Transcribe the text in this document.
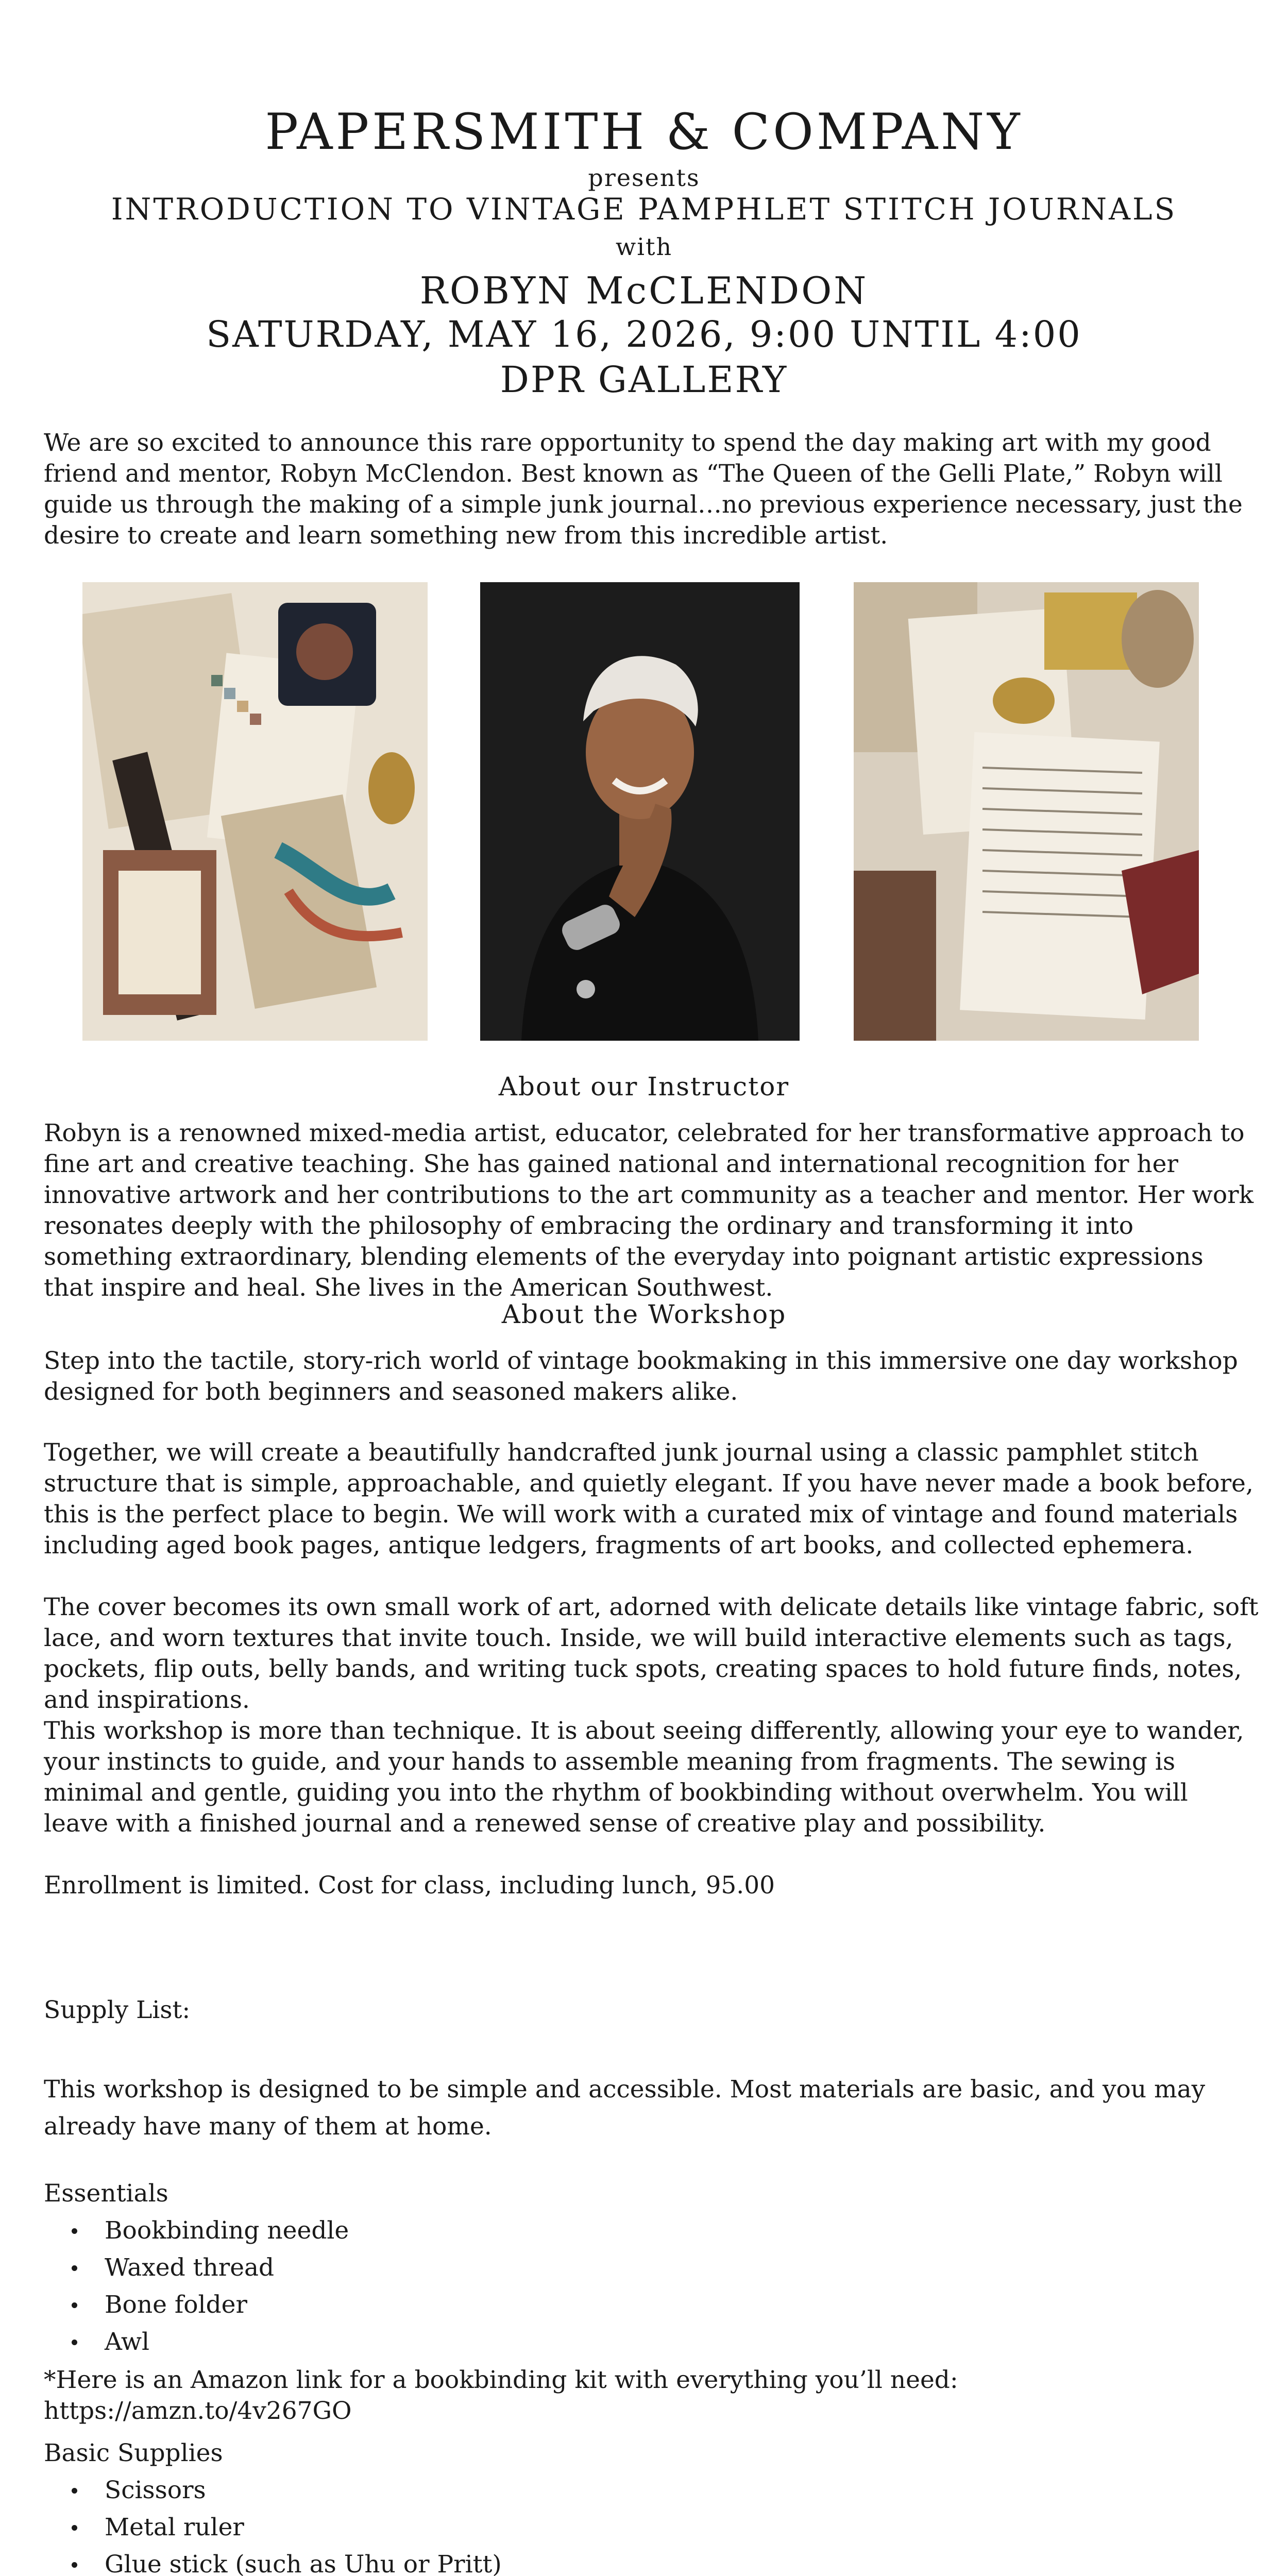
PAPERSMITH & COMPANY
presents
INTRODUCTION TO VINTAGE PAMPHLET STITCH JOURNALS
with
ROBYN McCLENDON
SATURDAY, MAY 16, 2026, 9:00 UNTIL 4:00
DPR GALLERY

We are so excited to announce this rare opportunity to spend the day making art with my good friend and mentor, Robyn McClendon. Best known as “The Queen of the Gelli Plate,” Robyn will guide us through the making of a simple junk journal…no previous experience necessary, just the desire to create and learn something new from this incredible artist.

About our Instructor

Robyn is a renowned mixed-media artist, educator, celebrated for her transformative approach to fine art and creative teaching. She has gained national and international recognition for her innovative artwork and her contributions to the art community as a teacher and mentor. Her work resonates deeply with the philosophy of embracing the ordinary and transforming it into something extraordinary, blending elements of the everyday into poignant artistic expressions that inspire and heal. She lives in the American Southwest.

About the Workshop

Step into the tactile, story-rich world of vintage bookmaking in this immersive one day workshop designed for both beginners and seasoned makers alike.

Together, we will create a beautifully handcrafted junk journal using a classic pamphlet stitch structure that is simple, approachable, and quietly elegant. If you have never made a book before, this is the perfect place to begin. We will work with a curated mix of vintage and found materials including aged book pages, antique ledgers, fragments of art books, and collected ephemera.

The cover becomes its own small work of art, adorned with delicate details like vintage fabric, soft lace, and worn textures that invite touch. Inside, we will build interactive elements such as tags, pockets, flip outs, belly bands, and writing tuck spots, creating spaces to hold future finds, notes, and inspirations.

This workshop is more than technique. It is about seeing differently, allowing your eye to wander, your instincts to guide, and your hands to assemble meaning from fragments. The sewing is minimal and gentle, guiding you into the rhythm of bookbinding without overwhelm. You will leave with a finished journal and a renewed sense of creative play and possibility.

Enrollment is limited. Cost for class, including lunch, 95.00

Supply List:

This workshop is designed to be simple and accessible. Most materials are basic, and you may already have many of them at home.

Essentials
Bookbinding needle
Waxed thread
Bone folder
Awl
*Here is an Amazon link for a bookbinding kit with everything you’ll need: https://amzn.to/4v267GO
Basic Supplies
Scissors
Metal ruler
Glue stick (such as Uhu or Pritt)
